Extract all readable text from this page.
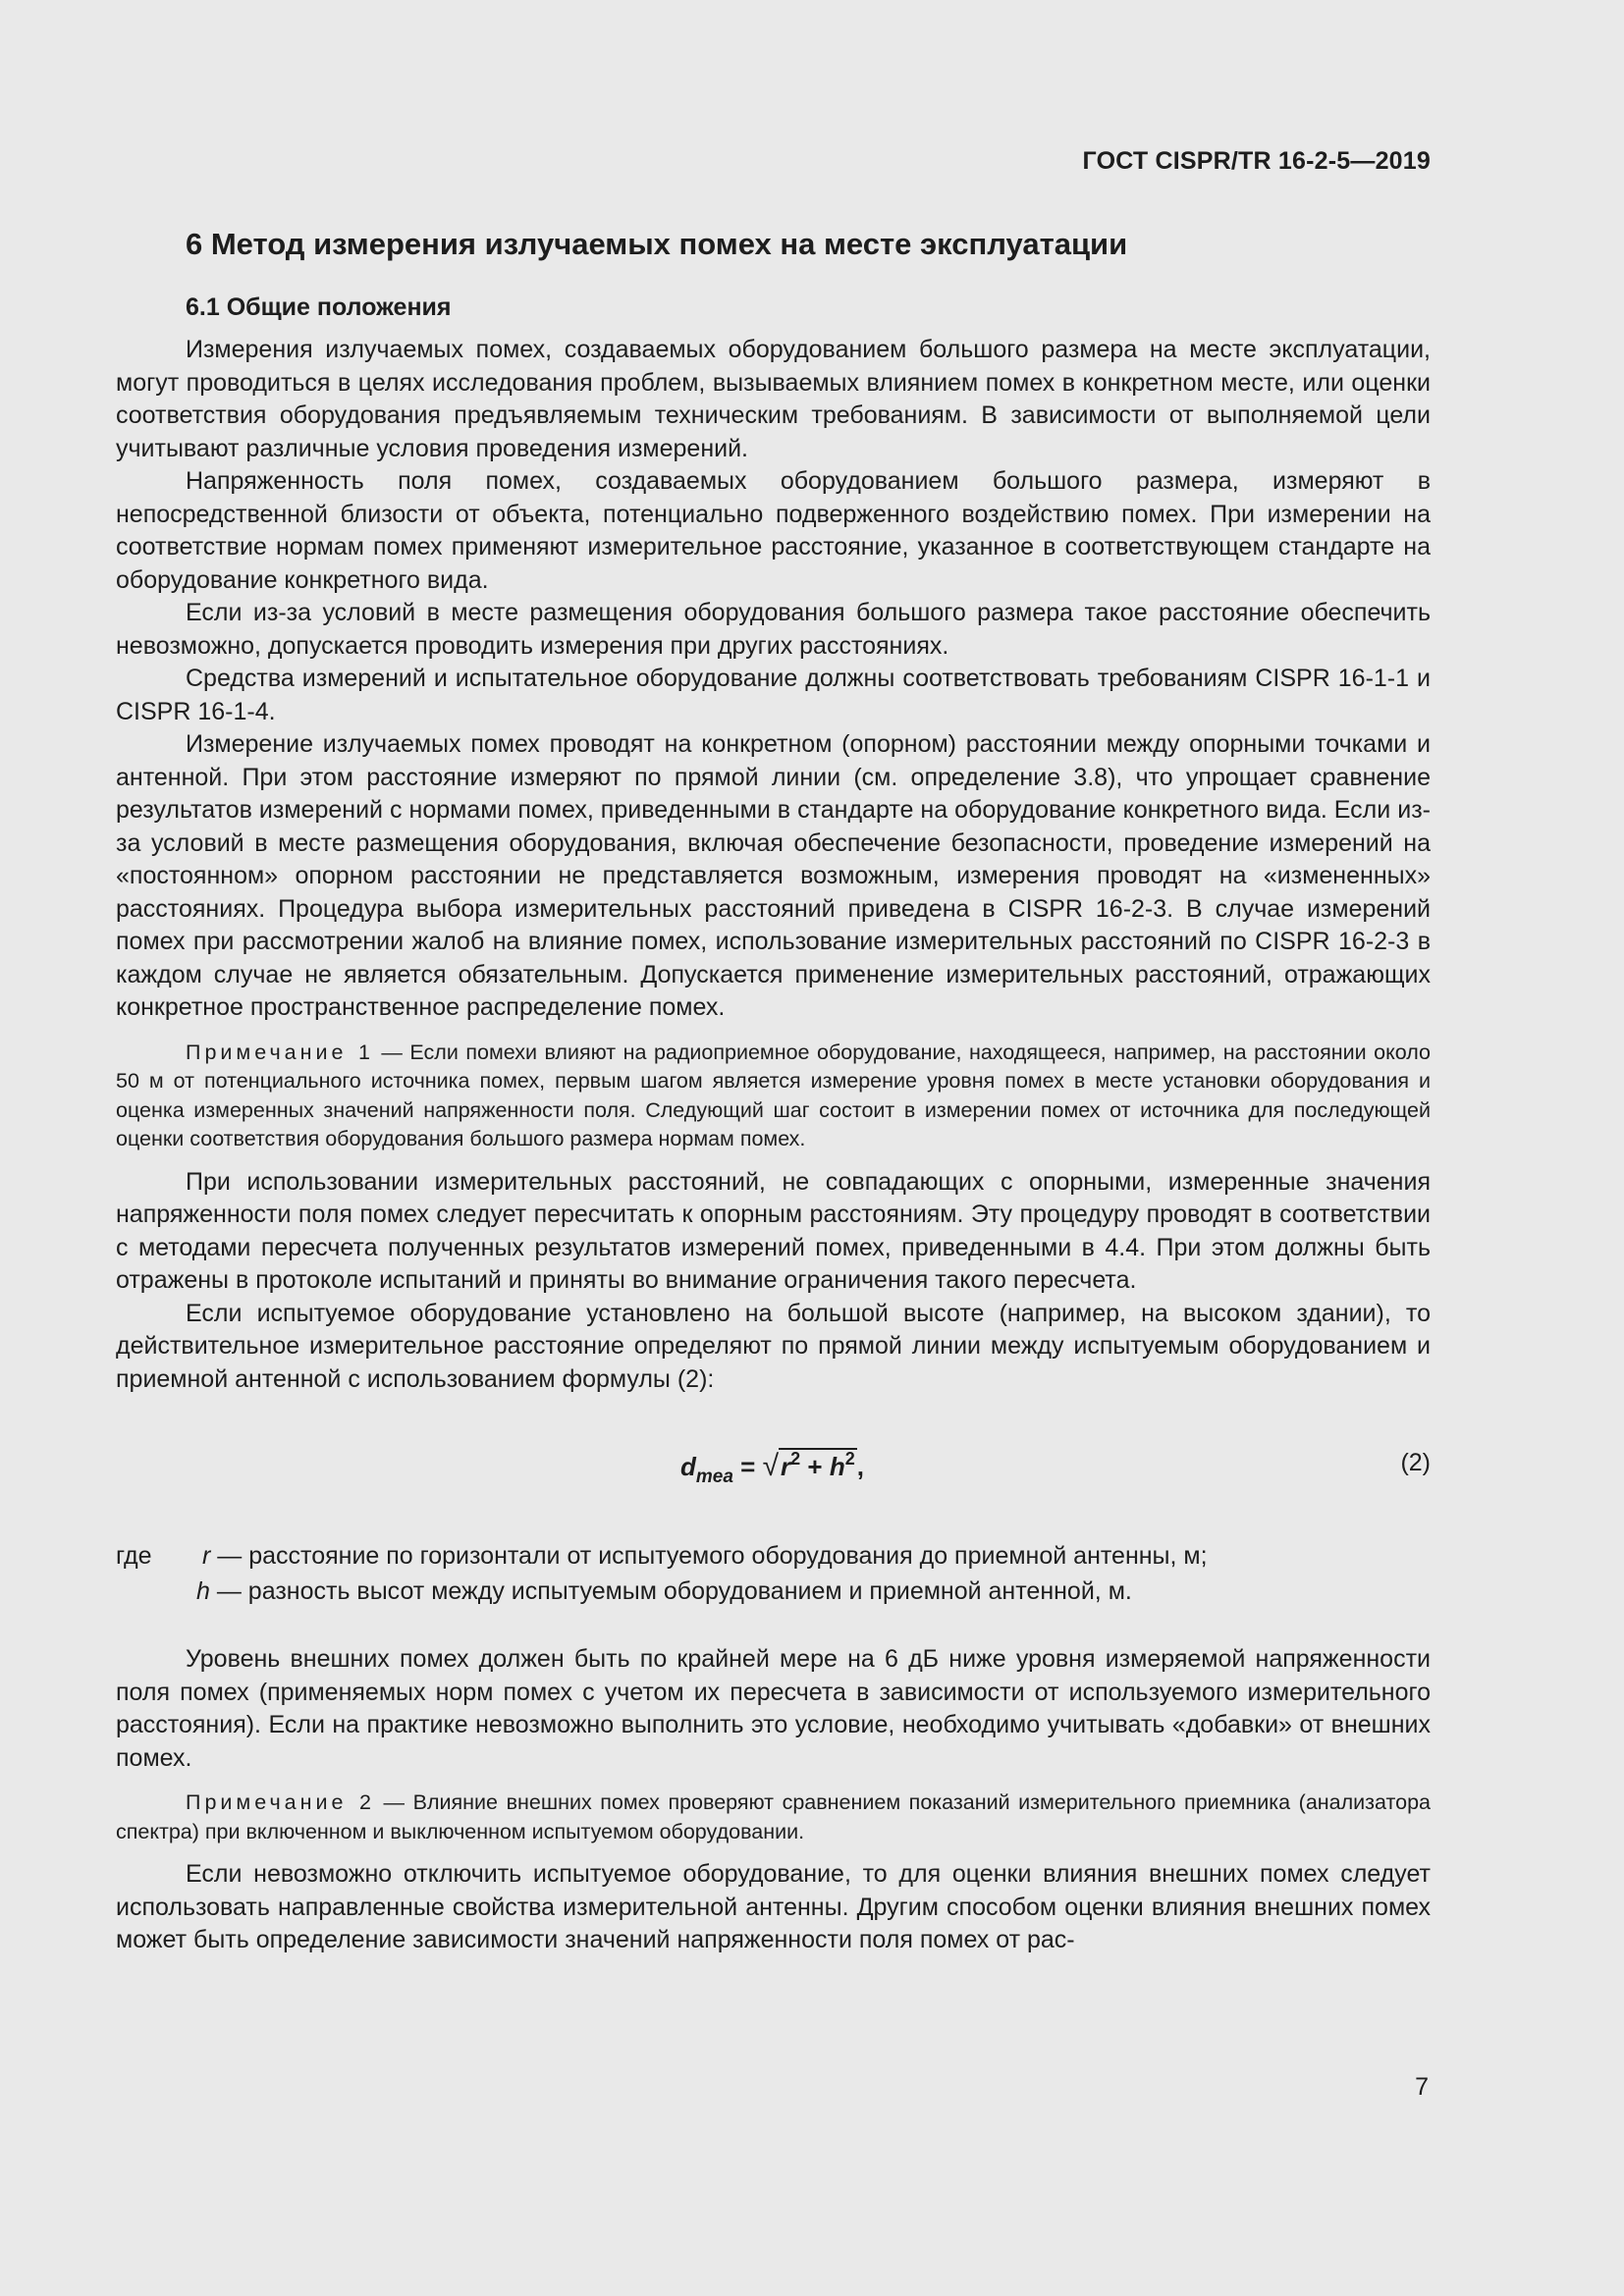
ГОСТ CISPR/TR 16-2-5—2019
6 Метод измерения излучаемых помех на месте эксплуатации
6.1 Общие положения

Измерения излучаемых помех, создаваемых оборудованием большого размера на месте эксплуатации, могут проводиться в целях исследования проблем, вызываемых влиянием помех в конкретном месте, или оценки соответствия оборудования предъявляемым техническим требованиям. В зависимости от выполняемой цели учитывают различные условия проведения измерений.

Напряженность поля помех, создаваемых оборудованием большого размера, измеряют в непосредственной близости от объекта, потенциально подверженного воздействию помех. При измерении на соответствие нормам помех применяют измерительное расстояние, указанное в соответствующем стандарте на оборудование конкретного вида.

Если из-за условий в месте размещения оборудования большого размера такое расстояние обеспечить невозможно, допускается проводить измерения при других расстояниях.

Средства измерений и испытательное оборудование должны соответствовать требованиям CISPR 16-1-1 и CISPR 16-1-4.

Измерение излучаемых помех проводят на конкретном (опорном) расстоянии между опорными точками и антенной. При этом расстояние измеряют по прямой линии (см. определение 3.8), что упрощает сравнение результатов измерений с нормами помех, приведенными в стандарте на оборудование конкретного вида. Если из-за условий в месте размещения оборудования, включая обеспечение безопасности, проведение измерений на «постоянном» опорном расстоянии не представляется возможным, измерения проводят на «измененных» расстояниях. Процедура выбора измерительных расстояний приведена в CISPR 16-2-3. В случае измерений помех при рассмотрении жалоб на влияние помех, использование измерительных расстояний по CISPR 16-2-3 в каждом случае не является обязательным. Допускается применение измерительных расстояний, отражающих конкретное пространственное распределение помех.

Примечание 1 — Если помехи влияют на радиоприемное оборудование, находящееся, например, на расстоянии около 50 м от потенциального источника помех, первым шагом является измерение уровня помех в месте установки оборудования и оценка измеренных значений напряженности поля. Следующий шаг состоит в измерении помех от источника для последующей оценки соответствия оборудования большого размера нормам помех.

При использовании измерительных расстояний, не совпадающих с опорными, измеренные значения напряженности поля помех следует пересчитать к опорным расстояниям. Эту процедуру проводят в соответствии с методами пересчета полученных результатов измерений помех, приведенными в 4.4. При этом должны быть отражены в протоколе испытаний и приняты во внимание ограничения такого пересчета.

Если испытуемое оборудование установлено на большой высоте (например, на высоком здании), то действительное измерительное расстояние определяют по прямой линии между испытуемым оборудованием и приемной антенной с использованием формулы (2):

$d_{mea} = √r^2 + h^2$,	(2)
где r — расстояние по горизонтали от испытуемого оборудования до приемной антенны, м;
h — разность высот между испытуемым оборудованием и приемной антенной, м.

Уровень внешних помех должен быть по крайней мере на 6 дБ ниже уровня измеряемой напряженности поля помех (применяемых норм помех с учетом их пересчета в зависимости от используемого измерительного расстояния). Если на практике невозможно выполнить это условие, необходимо учитывать «добавки» от внешних помех.

Примечание 2 — Влияние внешних помех проверяют сравнением показаний измерительного приемника (анализатора спектра) при включенном и выключенном испытуемом оборудовании.

Если невозможно отключить испытуемое оборудование, то для оценки влияния внешних помех следует использовать направленные свойства измерительной антенны. Другим способом оценки влияния внешних помех может быть определение зависимости значений напряженности поля помех от рас-

7
